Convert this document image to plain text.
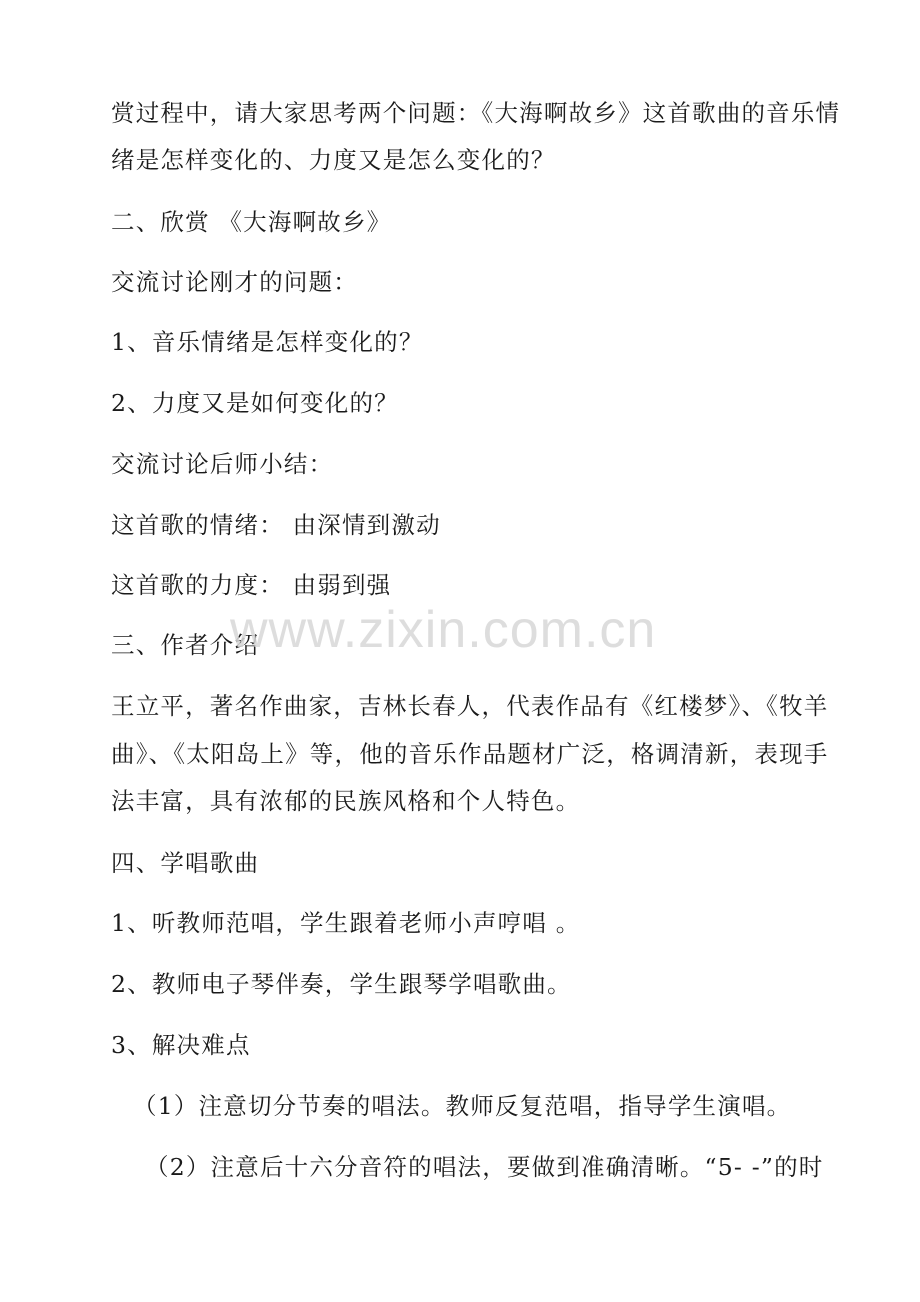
赏过程中，请大家思考两个问题：《大海啊故乡》这首歌曲的音乐情
绪是怎样变化的、力度又是怎么变化的？
二、欣赏 《大海啊故乡》
交流讨论刚才的问题：
1、音乐情绪是怎样变化的？
2、力度又是如何变化的？
交流讨论后师小结：
这首歌的情绪： 由深情到激动
这首歌的力度： 由弱到强
三、作者介绍
王立平，著名作曲家，吉林长春人，代表作品有《红楼梦》、《牧羊
曲》、《太阳岛上》等，他的音乐作品题材广泛，格调清新，表现手
法丰富，具有浓郁的民族风格和个人特色。
四、学唱歌曲
1、听教师范唱，学生跟着老师小声哼唱 。
2、教师电子琴伴奏，学生跟琴学唱歌曲。
3、解决难点
（1）注意切分节奏的唱法。教师反复范唱，指导学生演唱。
（2）注意后十六分音符的唱法，要做到准确清晰。“5- -”的时
www.zixin.com.cn
